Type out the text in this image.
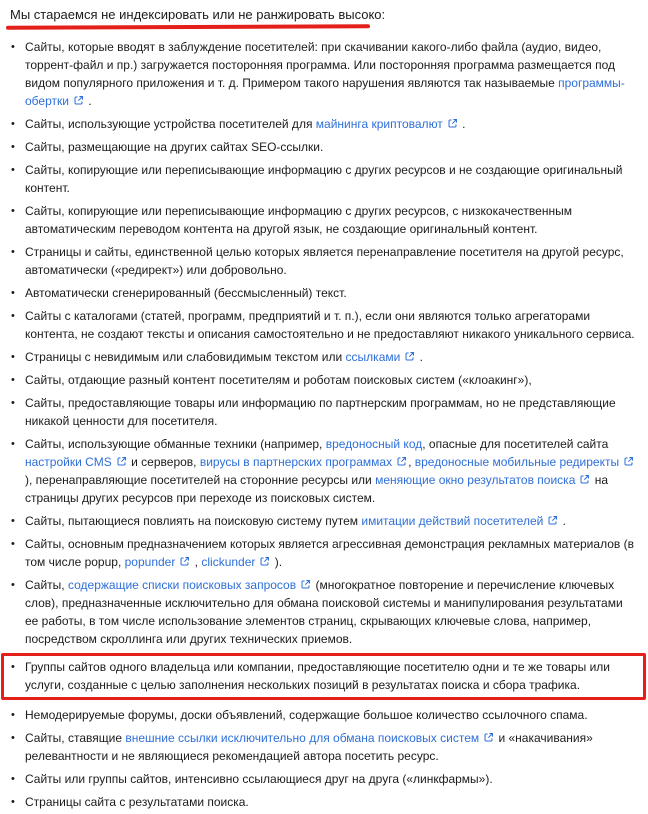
Мы стараемся не индексировать или не ранжировать высоко:
• Сайты, которые вводят в заблуждение посетителей: при скачивании какого-либо файла (аудио, видео, торрент-файл и пр.) загружается посторонняя программа. Или посторонняя программа размещается под видом популярного приложения и т. д. Примером такого нарушения являются так называемые программы-обертки .
• Сайты, использующие устройства посетителей для майнинга криптовалют .
• Сайты, размещающие на других сайтах SEO-ссылки.
• Сайты, копирующие или переписывающие информацию с других ресурсов и не создающие оригинальный контент.
• Сайты, копирующие или переписывающие информацию с других ресурсов, с низкокачественным автоматическим переводом контента на другой язык, не создающие оригинальный контент.
• Страницы и сайты, единственной целью которых является перенаправление посетителя на другой ресурс, автоматически («редирект») или добровольно.
• Автоматически сгенерированный (бессмысленный) текст.
• Сайты с каталогами (статей, программ, предприятий и т. п.), если они являются только агрегаторами контента, не создают тексты и описания самостоятельно и не предоставляют никакого уникального сервиса.
• Страницы с невидимым или слабовидимым текстом или ссылками .
• Сайты, отдающие разный контент посетителям и роботам поисковых систем («клоакинг»),
• Сайты, предоставляющие товары или информацию по партнерским программам, но не представляющие никакой ценности для посетителя.
• Сайты, использующие обманные техники (например, вредоносный код, опасные для посетителей сайта настройки CMS и серверов, вирусы в партнерских программах , вредоносные мобильные редиректы), перенаправляющие посетителей на сторонние ресурсы или меняющие окно результатов поиска на страницы других ресурсов при переходе из поисковых систем.
• Сайты, пытающиеся повлиять на поисковую систему путем имитации действий посетителей .
• Сайты, основным предназначением которых является агрессивная демонстрация рекламных материалов (в том числе popup, popunder , clickunder ).
• Сайты, содержащие списки поисковых запросов (многократное повторение и перечисление ключевых слов), предназначенные исключительно для обмана поисковой системы и манипулирования результатами ее работы, в том числе использование элементов страниц, скрывающих ключевые слова, например, посредством скроллинга или других технических приемов.
• Группы сайтов одного владельца или компании, предоставляющие посетителю одни и те же товары или услуги, созданные с целью заполнения нескольких позиций в результатах поиска и сбора трафика.
• Немодерируемые форумы, доски объявлений, содержащие большое количество ссылочного спама.
• Сайты, ставящие внешние ссылки исключительно для обмана поисковых систем и «накачивания» релевантности и не являющиеся рекомендацией автора посетить ресурс.
• Сайты или группы сайтов, интенсивно ссылающиеся друг на друга («линкфармы»).
• Страницы сайта с результатами поиска.
